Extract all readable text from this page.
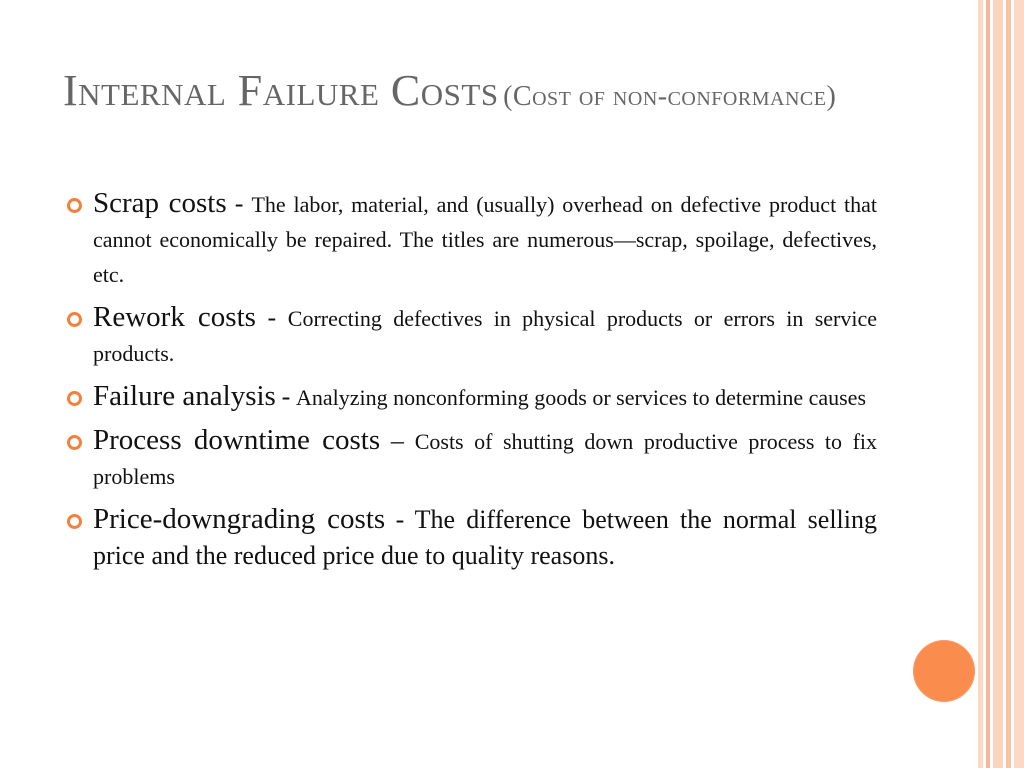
Internal Failure Costs (Cost of non-conformance)
Scrap costs - The labor, material, and (usually) overhead on defective product that cannot economically be repaired. The titles are numerous—scrap, spoilage, defectives, etc.
Rework costs - Correcting defectives in physical products or errors in service products.
Failure analysis - Analyzing nonconforming goods or services to determine causes
Process downtime costs – Costs of shutting down productive process to fix problems
Price-downgrading costs - The difference between the normal selling price and the reduced price due to quality reasons.
